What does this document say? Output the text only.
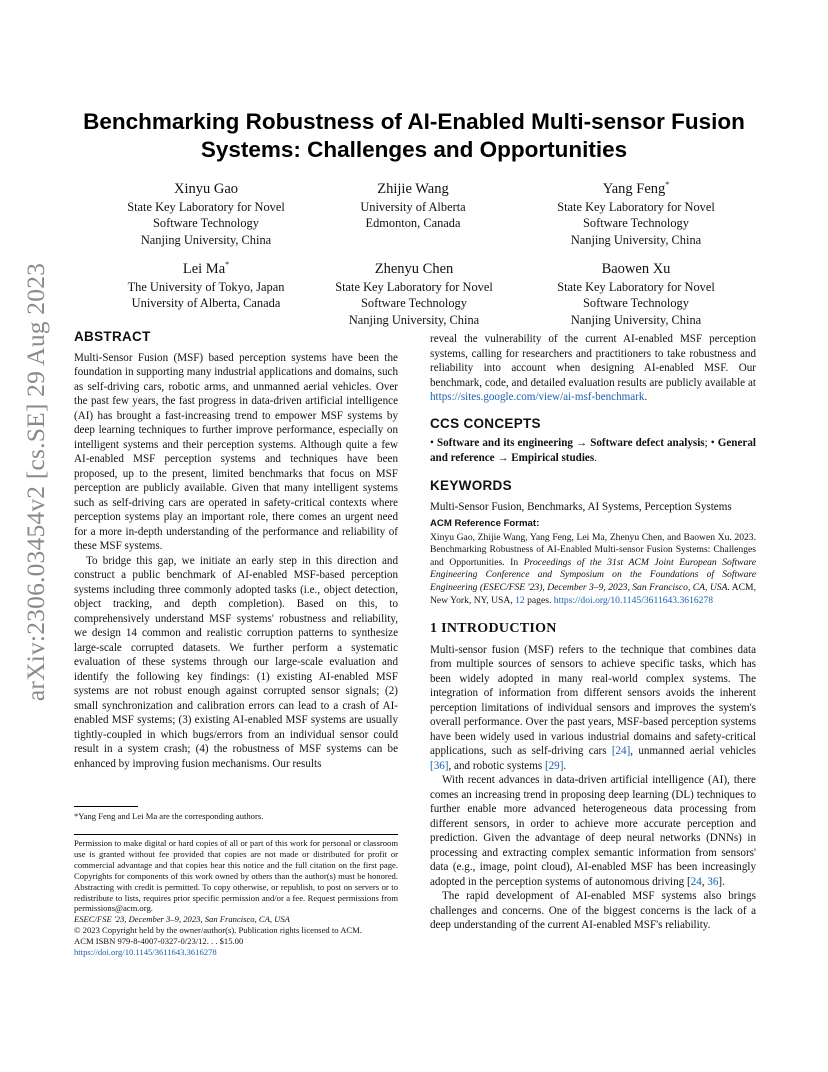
arXiv:2306.03454v2 [cs.SE] 29 Aug 2023
Benchmarking Robustness of AI-Enabled Multi-sensor Fusion
Systems: Challenges and Opportunities
Xinyu Gao
State Key Laboratory for Novel
Software Technology
Nanjing University, China
Zhijie Wang
University of Alberta
Edmonton, Canada
Yang Feng*
State Key Laboratory for Novel
Software Technology
Nanjing University, China
Lei Ma*
The University of Tokyo, Japan
University of Alberta, Canada
Zhenyu Chen
State Key Laboratory for Novel
Software Technology
Nanjing University, China
Baowen Xu
State Key Laboratory for Novel
Software Technology
Nanjing University, China
ABSTRACT

Multi-Sensor Fusion (MSF) based perception systems have been the foundation in supporting many industrial applications and domains, such as self-driving cars, robotic arms, and unmanned aerial vehicles. Over the past few years, the fast progress in data-driven artificial intelligence (AI) has brought a fast-increasing trend to empower MSF systems by deep learning techniques to further improve performance, especially on intelligent systems and their perception systems. Although quite a few AI-enabled MSF perception systems and techniques have been proposed, up to the present, limited benchmarks that focus on MSF perception are publicly available. Given that many intelligent systems such as self-driving cars are operated in safety-critical contexts where perception systems play an important role, there comes an urgent need for a more in-depth understanding of the performance and reliability of these MSF systems.

To bridge this gap, we initiate an early step in this direction and construct a public benchmark of AI-enabled MSF-based perception systems including three commonly adopted tasks (i.e., object detection, object tracking, and depth completion). Based on this, to comprehensively understand MSF systems' robustness and reliability, we design 14 common and realistic corruption patterns to synthesize large-scale corrupted datasets. We further perform a systematic evaluation of these systems through our large-scale evaluation and identify the following key findings: (1) existing AI-enabled MSF systems are not robust enough against corrupted sensor signals; (2) small synchronization and calibration errors can lead to a crash of AI-enabled MSF systems; (3) existing AI-enabled MSF systems are usually tightly-coupled in which bugs/errors from an individual sensor could result in a system crash; (4) the robustness of MSF systems can be enhanced by improving fusion mechanisms. Our results

*Yang Feng and Lei Ma are the corresponding authors.
Permission to make digital or hard copies of all or part of this work for personal or classroom use is granted without fee provided that copies are not made or distributed for profit or commercial advantage and that copies bear this notice and the full citation on the first page. Copyrights for components of this work owned by others than the author(s) must be honored. Abstracting with credit is permitted. To copy otherwise, or republish, to post on servers or to redistribute to lists, requires prior specific permission and/or a fee. Request permissions from permissions@acm.org.
ESEC/FSE '23, December 3–9, 2023, San Francisco, CA, USA
© 2023 Copyright held by the owner/author(s). Publication rights licensed to ACM.
ACM ISBN 979-8-4007-0327-0/23/12. . . $15.00
https://doi.org/10.1145/3611643.3616278

reveal the vulnerability of the current AI-enabled MSF perception systems, calling for researchers and practitioners to take robustness and reliability into account when designing AI-enabled MSF. Our benchmark, code, and detailed evaluation results are publicly available at https://sites.google.com/view/ai-msf-benchmark.

CCS CONCEPTS

• Software and its engineering → Software defect analysis; • General and reference → Empirical studies.

KEYWORDS

Multi-Sensor Fusion, Benchmarks, AI Systems, Perception Systems

ACM Reference Format:

Xinyu Gao, Zhijie Wang, Yang Feng, Lei Ma, Zhenyu Chen, and Baowen Xu. 2023. Benchmarking Robustness of AI-Enabled Multi-sensor Fusion Systems: Challenges and Opportunities. In Proceedings of the 31st ACM Joint European Software Engineering Conference and Symposium on the Foundations of Software Engineering (ESEC/FSE '23), December 3–9, 2023, San Francisco, CA, USA. ACM, New York, NY, USA, 12 pages. https://doi.org/10.1145/3611643.3616278

1 INTRODUCTION

Multi-sensor fusion (MSF) refers to the technique that combines data from multiple sources of sensors to achieve specific tasks, which has been widely adopted in many real-world complex systems. The integration of information from different sensors avoids the inherent perception limitations of individual sensors and improves the system's overall performance. Over the past years, MSF-based perception systems have been widely used in various industrial domains and safety-critical applications, such as self-driving cars [24], unmanned aerial vehicles [36], and robotic systems [29].

With recent advances in data-driven artificial intelligence (AI), there comes an increasing trend in proposing deep learning (DL) techniques to further enable more advanced heterogeneous data processing from different sensors, in order to achieve more accurate perception and prediction. Given the advantage of deep neural networks (DNNs) in processing and extracting complex semantic information from sensors' data (e.g., image, point cloud), AI-enabled MSF has been increasingly adopted in the perception systems of autonomous driving [24, 36].

The rapid development of AI-enabled MSF systems also brings challenges and concerns. One of the biggest concerns is the lack of a deep understanding of the current AI-enabled MSF's reliability.
